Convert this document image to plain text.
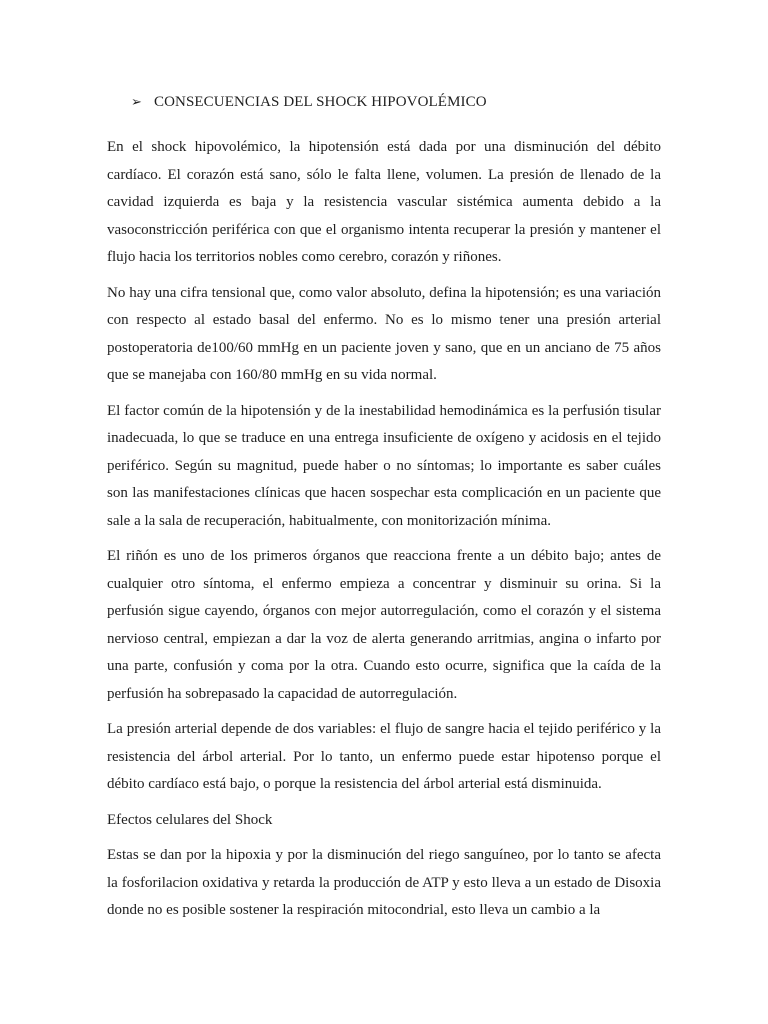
➢ CONSECUENCIAS DEL SHOCK HIPOVOLÉMICO

En el shock hipovolémico, la hipotensión está dada por una disminución del débito cardíaco. El corazón está sano, sólo le falta llene, volumen. La presión de llenado de la cavidad izquierda es baja y la resistencia vascular sistémica aumenta debido a la vasoconstricción periférica con que el organismo intenta recuperar la presión y mantener el flujo hacia los territorios nobles como cerebro, corazón y riñones.

No hay una cifra tensional que, como valor absoluto, defina la hipotensión; es una variación con respecto al estado basal del enfermo. No es lo mismo tener una presión arterial postoperatoria de100/60 mmHg en un paciente joven y sano, que en un anciano de 75 años que se manejaba con 160/80 mmHg en su vida normal.

El factor común de la hipotensión y de la inestabilidad hemodinámica es la perfusión tisular inadecuada, lo que se traduce en una entrega insuficiente de oxígeno y acidosis en el tejido periférico. Según su magnitud, puede haber o no síntomas; lo importante es saber cuáles son las manifestaciones clínicas que hacen sospechar esta complicación en un paciente que sale a la sala de recuperación, habitualmente, con monitorización mínima.

El riñón es uno de los primeros órganos que reacciona frente a un débito bajo; antes de cualquier otro síntoma, el enfermo empieza a concentrar y disminuir su orina. Si la perfusión sigue cayendo, órganos con mejor autorregulación, como el corazón y el sistema nervioso central, empiezan a dar la voz de alerta generando arritmias, angina o infarto por una parte, confusión y coma por la otra. Cuando esto ocurre, significa que la caída de la perfusión ha sobrepasado la capacidad de autorregulación.

La presión arterial depende de dos variables: el flujo de sangre hacia el tejido periférico y la resistencia del árbol arterial. Por lo tanto, un enfermo puede estar hipotenso porque el débito cardíaco está bajo, o porque la resistencia del árbol arterial está disminuida.

Efectos celulares del Shock

Estas se dan por la hipoxia y por la disminución del riego sanguíneo, por lo tanto se afecta la fosforilacion oxidativa y retarda la producción de ATP y esto lleva a un estado de Disoxia donde no es posible sostener la respiración mitocondrial, esto lleva un cambio a la
